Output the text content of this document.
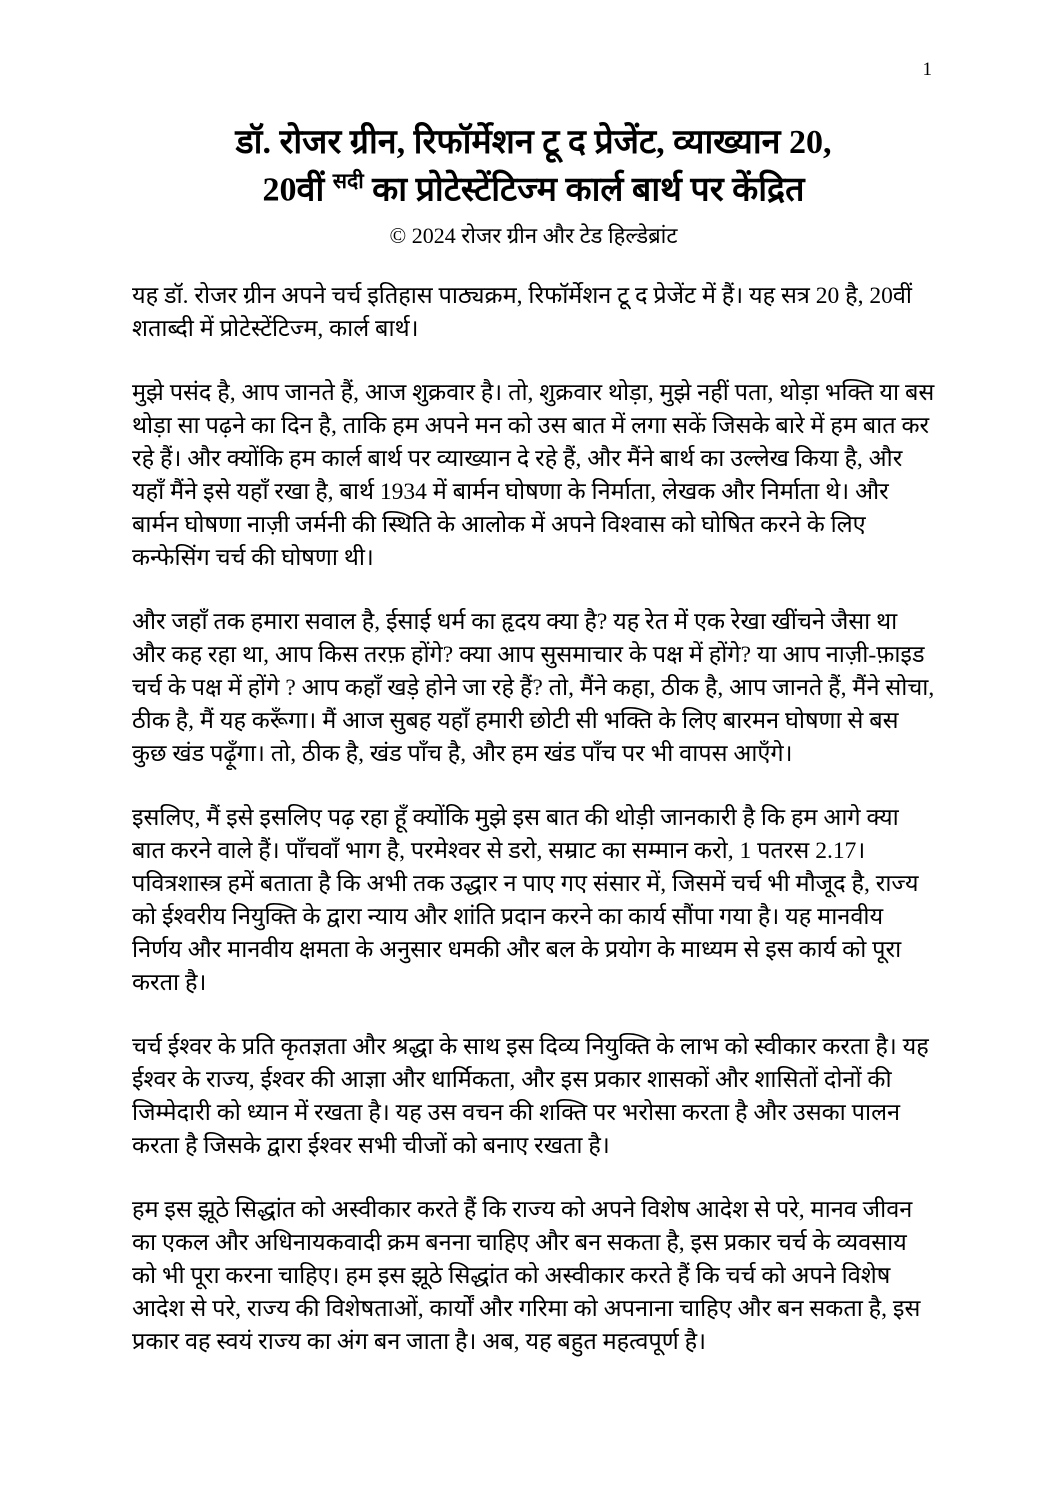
1
डॉ. रोजर ग्रीन, रिफॉर्मेशन टू द प्रेजेंट, व्याख्यान 20,
20वीं $^{सदी}$ का प्रोटेस्टेंटिज्म कार्ल बार्थ पर केंद्रित
© 2024 रोजर ग्रीन और टेड हिल्डेब्रांट

यह डॉ. रोजर ग्रीन अपने चर्च इतिहास पाठ्यक्रम, रिफॉर्मेशन टू द प्रेजेंट में हैं। यह सत्र 20 है, 20वीं शताब्दी में प्रोटेस्टेंटिज्म, कार्ल बार्थ।

मुझे पसंद है, आप जानते हैं, आज शुक्रवार है। तो, शुक्रवार थोड़ा, मुझे नहीं पता, थोड़ा भक्ति या बस थोड़ा सा पढ़ने का दिन है, ताकि हम अपने मन को उस बात में लगा सकें जिसके बारे में हम बात कर रहे हैं। और क्योंकि हम कार्ल बार्थ पर व्याख्यान दे रहे हैं, और मैंने बार्थ का उल्लेख किया है, और यहाँ मैंने इसे यहाँ रखा है, बार्थ 1934 में बार्मन घोषणा के निर्माता, लेखक और निर्माता थे। और बार्मन घोषणा नाज़ी जर्मनी की स्थिति के आलोक में अपने विश्वास को घोषित करने के लिए कन्फेसिंग चर्च की घोषणा थी।

और जहाँ तक हमारा सवाल है, ईसाई धर्म का हृदय क्या है? यह रेत में एक रेखा खींचने जैसा था और कह रहा था, आप किस तरफ़ होंगे? क्या आप सुसमाचार के पक्ष में होंगे? या आप नाज़ी-फ़ाइड चर्च के पक्ष में होंगे ? आप कहाँ खड़े होने जा रहे हैं? तो, मैंने कहा, ठीक है, आप जानते हैं, मैंने सोचा, ठीक है, मैं यह करूँगा। मैं आज सुबह यहाँ हमारी छोटी सी भक्ति के लिए बारमन घोषणा से बस कुछ खंड पढ़ूँगा। तो, ठीक है, खंड पाँच है, और हम खंड पाँच पर भी वापस आएँगे।

इसलिए, मैं इसे इसलिए पढ़ रहा हूँ क्योंकि मुझे इस बात की थोड़ी जानकारी है कि हम आगे क्या बात करने वाले हैं। पाँचवाँ भाग है, परमेश्वर से डरो, सम्राट का सम्मान करो, 1 पतरस 2.17। पवित्रशास्त्र हमें बताता है कि अभी तक उद्धार न पाए गए संसार में, जिसमें चर्च भी मौजूद है, राज्य को ईश्वरीय नियुक्ति के द्वारा न्याय और शांति प्रदान करने का कार्य सौंपा गया है। यह मानवीय निर्णय और मानवीय क्षमता के अनुसार धमकी और बल के प्रयोग के माध्यम से इस कार्य को पूरा करता है।

चर्च ईश्वर के प्रति कृतज्ञता और श्रद्धा के साथ इस दिव्य नियुक्ति के लाभ को स्वीकार करता है। यह ईश्वर के राज्य, ईश्वर की आज्ञा और धार्मिकता, और इस प्रकार शासकों और शासितों दोनों की जिम्मेदारी को ध्यान में रखता है। यह उस वचन की शक्ति पर भरोसा करता है और उसका पालन करता है जिसके द्वारा ईश्वर सभी चीजों को बनाए रखता है।

हम इस झूठे सिद्धांत को अस्वीकार करते हैं कि राज्य को अपने विशेष आदेश से परे, मानव जीवन का एकल और अधिनायकवादी क्रम बनना चाहिए और बन सकता है, इस प्रकार चर्च के व्यवसाय को भी पूरा करना चाहिए। हम इस झूठे सिद्धांत को अस्वीकार करते हैं कि चर्च को अपने विशेष आदेश से परे, राज्य की विशेषताओं, कार्यों और गरिमा को अपनाना चाहिए और बन सकता है, इस प्रकार वह स्वयं राज्य का अंग बन जाता है। अब, यह बहुत महत्वपूर्ण है।
